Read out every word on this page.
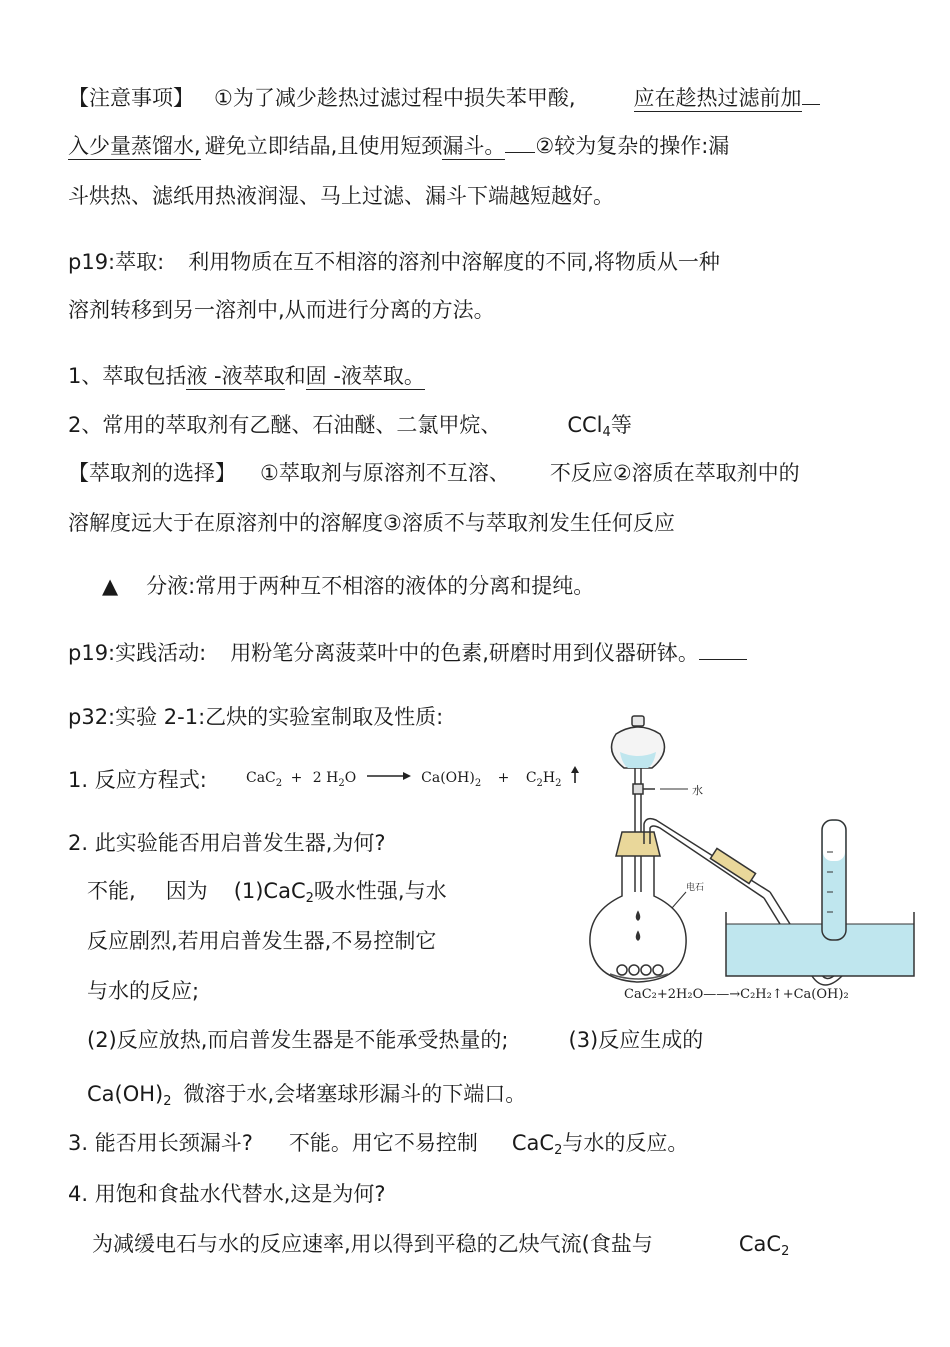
【注意事项】 ①为了减少趁热过滤过程中损失苯甲酸,	应在趁热过滤前加
入少量蒸馏水, 避免立即结晶,且使用短颈漏斗。 ②较为复杂的操作:漏
斗烘热、滤纸用热液润湿、马上过滤、漏斗下端越短越好。
p19:萃取: 利用物质在互不相溶的溶剂中溶解度的不同,将物质从一种
溶剂转移到另一溶剂中,从而进行分离的方法。
1、萃取包括液 -液萃取和固 -液萃取。
2、常用的萃取剂有乙醚、石油醚、二氯甲烷、	CCl$_4$等
【萃取剂的选择】 ①萃取剂与原溶剂不互溶、 不反应②溶质在萃取剂中的
溶解度远大于在原溶剂中的溶解度③溶质不与萃取剂发生任何反应
▲ 分液:常用于两种互不相溶的液体的分离和提纯。
p19:实践活动: 用粉笔分离菠菜叶中的色素,研磨时用到仪器研钵。
p32:实验 2-1:乙炔的实验室制取及性质:
1. 反应方程式:	CaC$_2$ + 2 $H_2O$	$Ca(OH)_2 + C_2H_2$
2. 此实验能否用启普发生器,为何?
不能, 因为 (1)CaC$_2$吸水性强,与水
反应剧烈,若用启普发生器,不易控制它
与水的反应;
(2)反应放热,而启普发生器是不能承受热量的;	(3)反应生成的
$Ca(OH)_2$ 微溶于水,会堵塞球形漏斗的下端口。
3. 能否用长颈漏斗? 不能。用它不易控制 CaC$_2$与水的反应。
4. 用饱和食盐水代替水,这是为何?
为减缓电石与水的反应速率,用以得到平稳的乙炔气流(食盐与	CaC$_2$
水
电石
CaC₂+2H₂O——→C₂H₂↑+Ca(OH)₂
